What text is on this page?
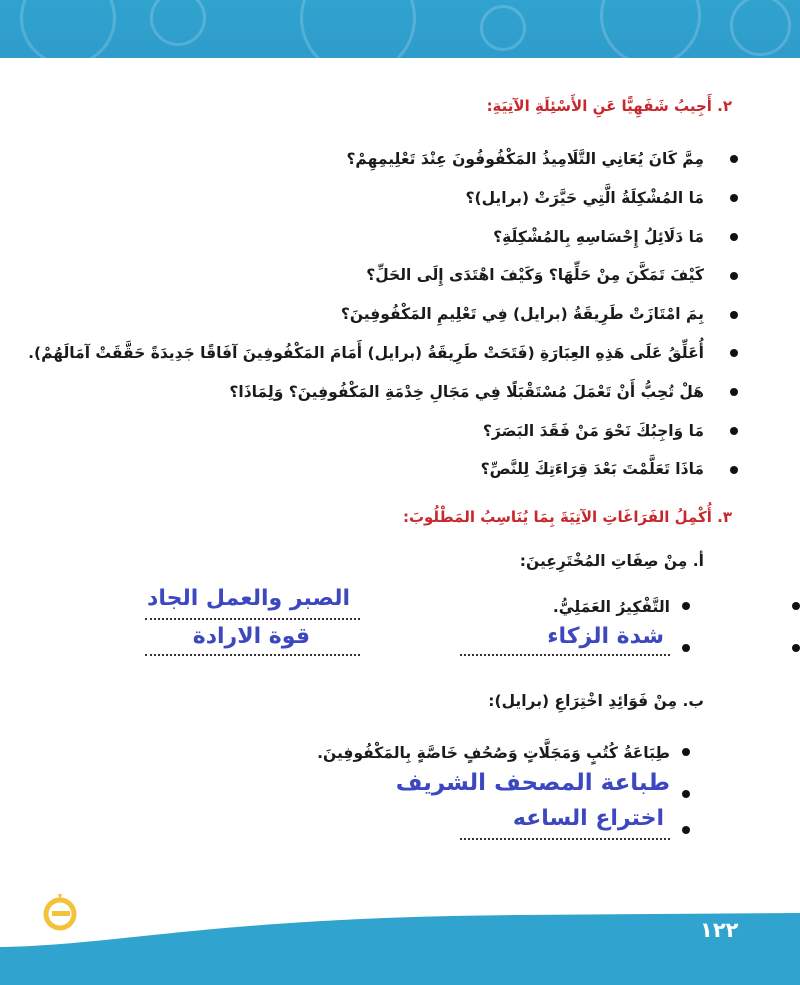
٢. أَجِيبُ شَفَهِيًّا عَنِ الأَسْئِلَةِ الآتِيَةِ:
مِمَّ كَانَ يُعَانِي التَّلَامِيذُ المَكْفُوفُونَ عِنْدَ تَعْلِيمِهِمْ؟
مَا المُشْكِلَةُ الَّتِي حَيَّرَتْ (برايل)؟
مَا دَلَائِلُ إِحْسَاسِهِ بِالمُشْكِلَةِ؟
كَيْفَ تَمَكَّنَ مِنْ حَلِّهَا؟ وَكَيْفَ اهْتَدَى إِلَى الحَلِّ؟
بِمَ امْتَازَتْ طَرِيقَةُ (برايل) فِي تَعْلِيمِ المَكْفُوفِينَ؟
أُعَلِّقُ عَلَى هَذِهِ العِبَارَةِ (فَتَحَتْ طَرِيقَةُ (برايل) أَمَامَ المَكْفُوفِينَ آفَاقًا جَدِيدَةً حَقَّقَتْ آمَالَهُمْ).
هَلْ تُحِبُّ أَنْ تَعْمَلَ مُسْتَقْبَلًا فِي مَجَالِ خِدْمَةِ المَكْفُوفِينَ؟ وَلِمَاذَا؟
مَا وَاجِبُكَ نَحْوَ مَنْ فَقَدَ البَصَرَ؟
مَاذَا تَعَلَّمْتَ بَعْدَ قِرَاءَتِكَ لِلنَّصِّ؟
٣. أُكْمِلُ الفَرَاغَاتِ الآتِيَةَ بِمَا يُنَاسِبُ المَطْلُوبَ:
أ. مِنْ صِفَاتِ المُخْتَرِعِينَ:
التَّفْكِيرُ العَمَلِيُّ.
شدة الزكاء
الصبر والعمل الجاد
قوة الارادة
ب. مِنْ فَوَائِدِ اخْتِرَاعِ (برايل):
طِبَاعَةُ كُتُبٍ وَمَجَلَّاتٍ وَصُحُفٍ خَاصَّةٍ بِالمَكْفُوفِينَ.
طباعة المصحف الشريف
اختراع الساعه
١٢٢
